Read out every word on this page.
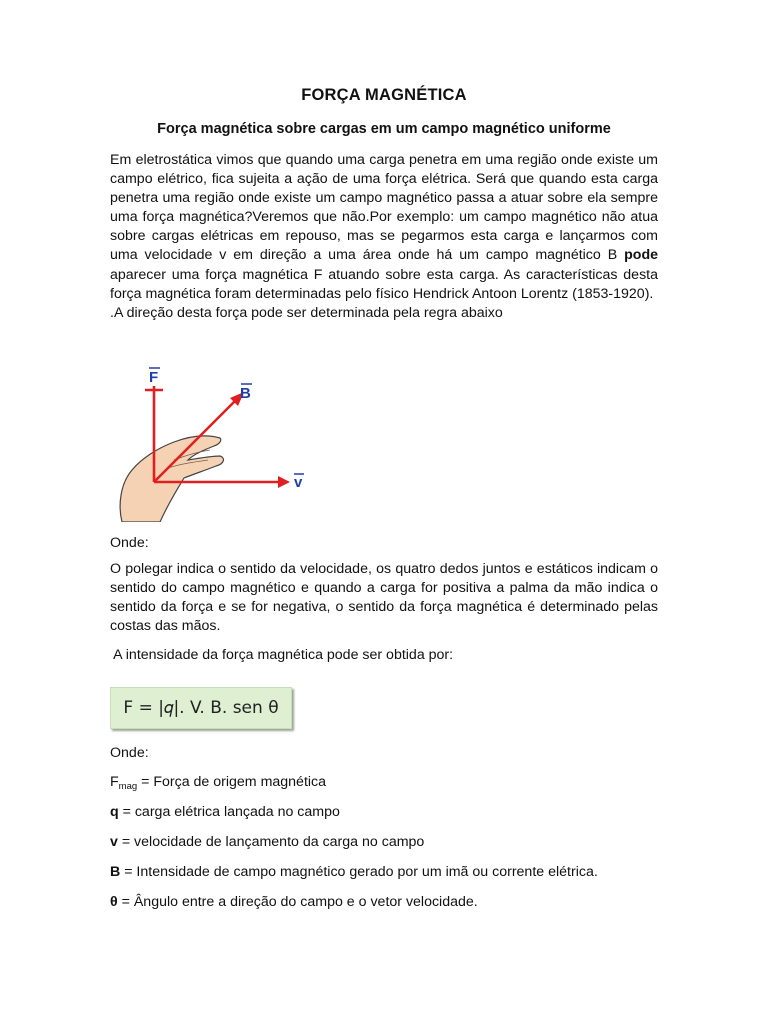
FORÇA MAGNÉTICA
Força magnética sobre cargas em um campo magnético uniforme
Em eletrostática vimos que quando uma carga penetra em uma região onde existe um campo elétrico, fica sujeita a ação de uma força elétrica. Será que quando esta carga penetra uma região onde existe um campo magnético passa a atuar sobre ela sempre uma força magnética?Veremos que não.Por exemplo: um campo magnético não atua sobre cargas elétricas em repouso, mas se pegarmos esta carga e lançarmos com uma velocidade v em direção a uma área onde há um campo magnético B pode aparecer uma força magnética F atuando sobre esta carga. As características desta força magnética foram determinadas pelo físico Hendrick Antoon Lorentz (1853-1920).
.A direção desta força pode ser determinada pela regra abaixo
F
B
v
Onde:
O polegar indica o sentido da velocidade, os quatro dedos juntos e estáticos indicam o sentido do campo magnético e quando a carga for positiva a palma da mão indica o sentido da força e se for negativa, o sentido da força magnética é determinado pelas costas das mãos.
A intensidade da força magnética pode ser obtida por:
F = |𝑞|. V. B. sen θ
Onde:
$F_{mag}$ = Força de origem magnética
q = carga elétrica lançada no campo
v = velocidade de lançamento da carga no campo
B = Intensidade de campo magnético gerado por um imã ou corrente elétrica.
θ = Ângulo entre a direção do campo e o vetor velocidade.
